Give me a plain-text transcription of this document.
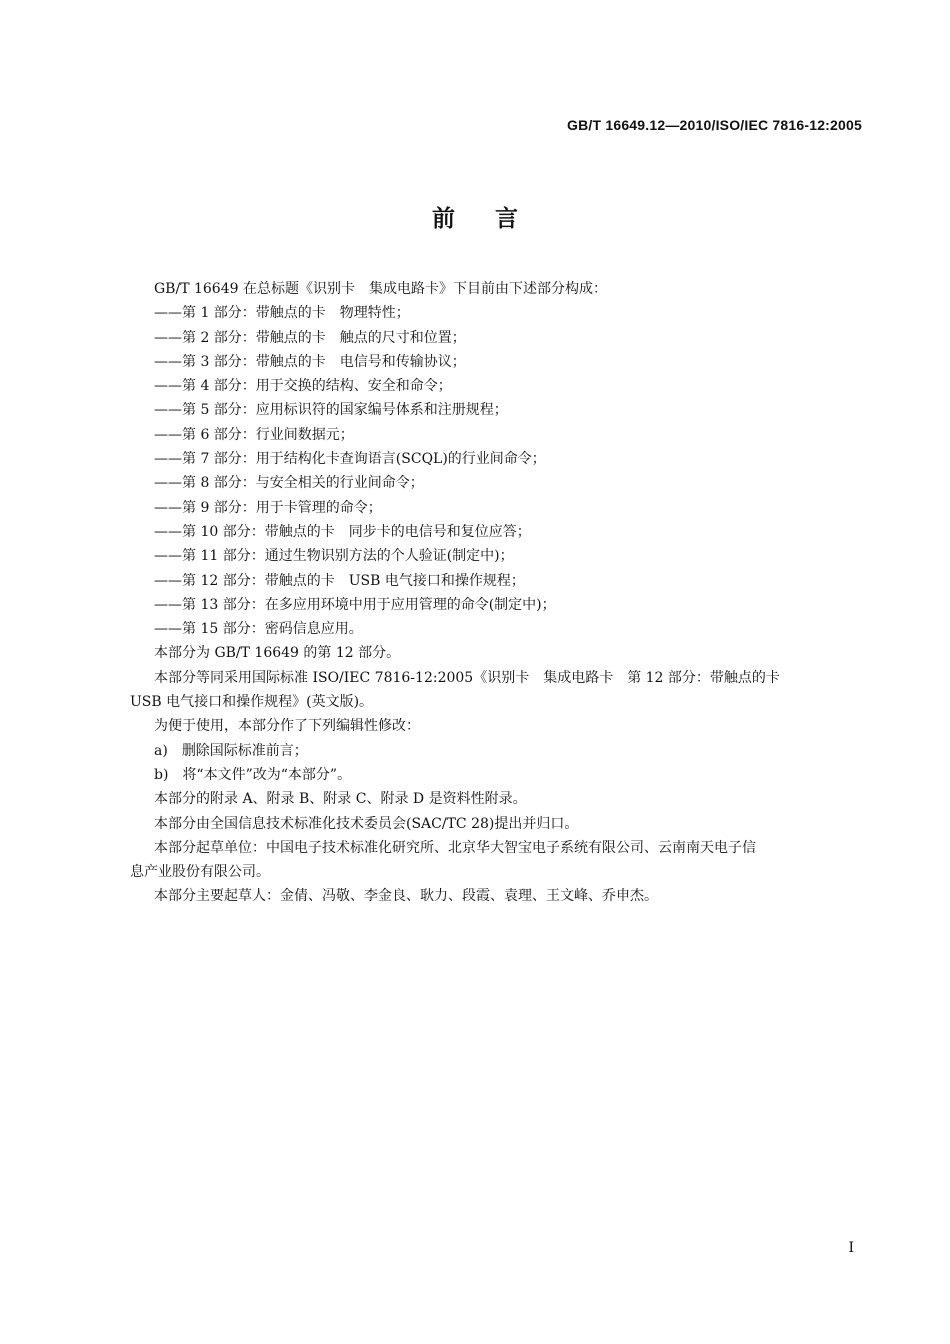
GB/T 16649.12—2010/ISO/IEC 7816-12:2005
前言

GB/T 16649 在总标题《识别卡　集成电路卡》下目前由下述部分构成：

——第 1 部分：带触点的卡　物理特性；

——第 2 部分：带触点的卡　触点的尺寸和位置；

——第 3 部分：带触点的卡　电信号和传输协议；

——第 4 部分：用于交换的结构、安全和命令；

——第 5 部分：应用标识符的国家编号体系和注册规程；

——第 6 部分：行业间数据元；

——第 7 部分：用于结构化卡查询语言(SCQL)的行业间命令；

——第 8 部分：与安全相关的行业间命令；

——第 9 部分：用于卡管理的命令；

——第 10 部分：带触点的卡　同步卡的电信号和复位应答；

——第 11 部分：通过生物识别方法的个人验证(制定中)；

——第 12 部分：带触点的卡　USB 电气接口和操作规程；

——第 13 部分：在多应用环境中用于应用管理的命令(制定中)；

——第 15 部分：密码信息应用。

本部分为 GB/T 16649 的第 12 部分。

本部分等同采用国际标准 ISO/IEC 7816-12:2005《识别卡　集成电路卡　第 12 部分：带触点的卡

USB 电气接口和操作规程》(英文版)。

为便于使用，本部分作了下列编辑性修改：

a) 删除国际标准前言；

b) 将“本文件”改为“本部分”。

本部分的附录 A、附录 B、附录 C、附录 D 是资料性附录。

本部分由全国信息技术标准化技术委员会(SAC/TC 28)提出并归口。

本部分起草单位：中国电子技术标准化研究所、北京华大智宝电子系统有限公司、云南南天电子信

息产业股份有限公司。

本部分主要起草人：金倩、冯敬、李金良、耿力、段霞、袁理、王文峰、乔申杰。

I
